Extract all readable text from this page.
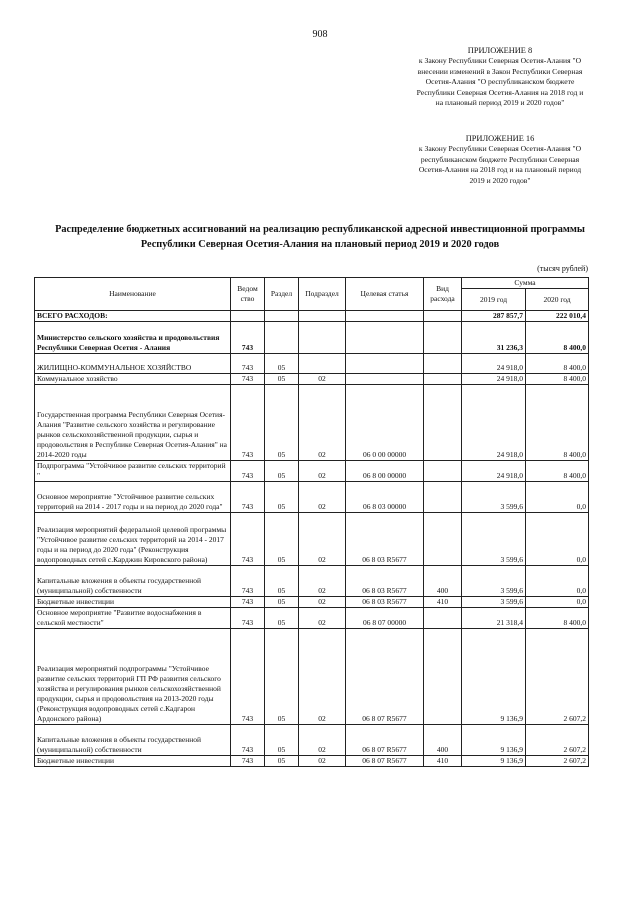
908
ПРИЛОЖЕНИЕ 8
к Закону Республики Северная Осетия-Алания "О внесении изменений в Закон Республики Северная Осетия-Алания "О республиканском бюджете Республики Северная Осетия-Алания на 2018 год и на плановый период 2019 и 2020 годов"
ПРИЛОЖЕНИЕ 16
к Закону Республики Северная Осетия-Алания "О республиканском бюджете Республики Северная Осетия-Алания на 2018 год и на плановый период 2019 и 2020 годов"
Распределение бюджетных ассигнований на реализацию республиканской адресной инвестиционной программы Республики Северная Осетия-Алания на плановый период 2019 и 2020 годов
(тысяч рублей)
Наименование	Ведом ство	Раздел	Подраздел	Целевая статья	Вид расхода	Сумма	
						2019 год	2020 год
ВСЕГО РАСХОДОВ:						287 857,7	222 010,4
Министерство сельского хозяйства и продовольствия Республики Северная Осетия - Алания	743					31 236,3	8 400,0
ЖИЛИЩНО-КОММУНАЛЬНОЕ ХОЗЯЙСТВО	743	05				24 918,0	8 400,0
Коммунальное хозяйство	743	05	02			24 918,0	8 400,0
Государственная программа Республики Северная Осетия-Алания "Развитие сельского хозяйства и регулирование рынков сельскохозяйственной продукции, сырья и продовольствия в Республике Северная Осетия-Алания" на 2014-2020 годы	743	05	02	06 0 00 00000		24 918,0	8 400,0
Подпрограмма "Устойчивое развитие сельских территорий "	743	05	02	06 8 00 00000		24 918,0	8 400,0
Основное мероприятие "Устойчивое развитие сельских территорий на 2014 - 2017 годы и на период до 2020 года"	743	05	02	06 8 03 00000		3 599,6	0,0
Реализация мероприятий федеральной целевой программы "Устойчивое развитие сельских территорий на 2014 - 2017 годы и на период до 2020 года" (Реконструкция водопроводных сетей с.Карджин Кировского района)	743	05	02	06 8 03 R5677		3 599,6	0,0
Капитальные вложения в объекты государственной (муниципальной) собственности	743	05	02	06 8 03 R5677	400	3 599,6	0,0
Бюджетные инвестиции	743	05	02	06 8 03 R5677	410	3 599,6	0,0
Основное мероприятие "Развитие водоснабжения в сельской местности"	743	05	02	06 8 07 00000		21 318,4	8 400,0
Реализация мероприятий подпрограммы "Устойчивое развитие сельских территорий ГП РФ развития сельского хозяйства и регулирования рынков сельскохозяйственной продукции, сырья и продовольствия на 2013-2020 годы (Реконструкция водопроводных сетей с.Кадгарон Ардонского района)	743	05	02	06 8 07 R5677		9 136,9	2 607,2
Капитальные вложения в объекты государственной (муниципальной) собственности	743	05	02	06 8 07 R5677	400	9 136,9	2 607,2
Бюджетные инвестиции	743	05	02	06 8 07 R5677	410	9 136,9	2 607,2
